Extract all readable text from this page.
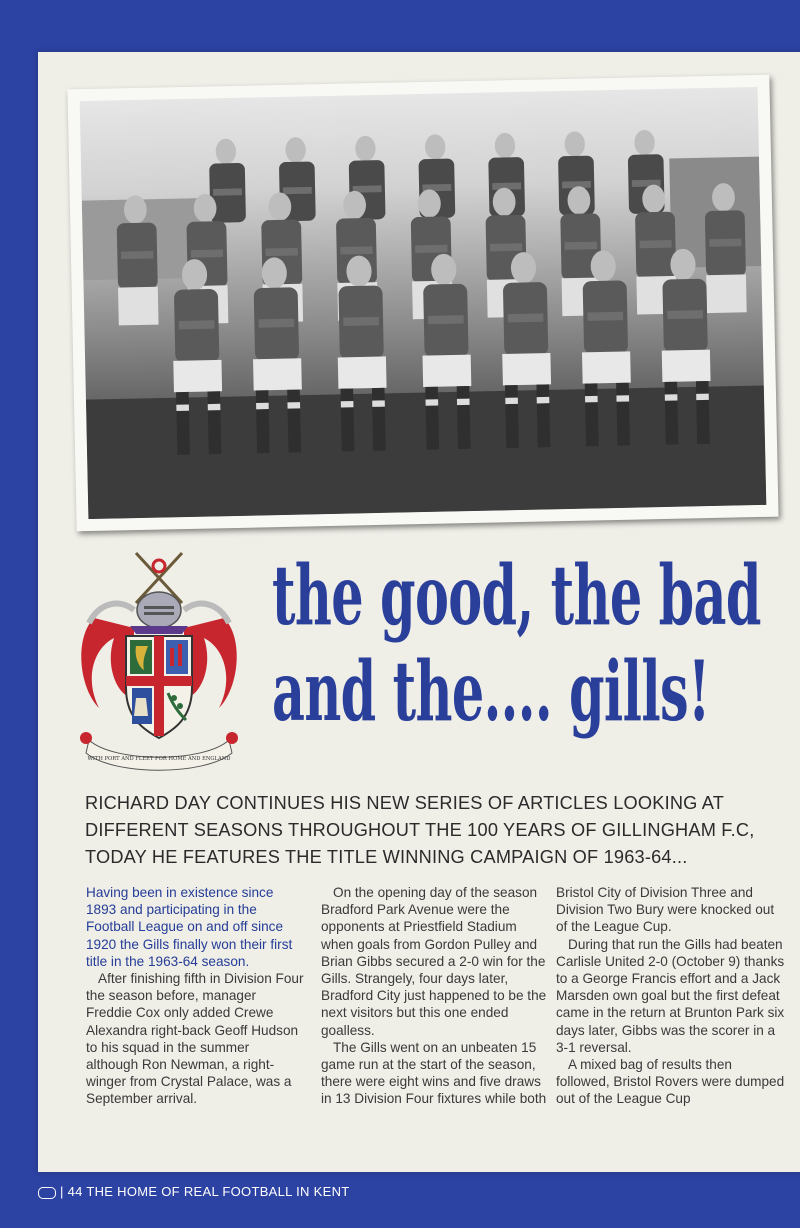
WITH PORT AND FLEET FOR HOME AND ENGLAND
the good, the bad
and the.... gills!
RICHARD DAY CONTINUES HIS NEW SERIES OF ARTICLES LOOKING AT DIFFERENT SEASONS THROUGHOUT THE 100 YEARS OF GILLINGHAM F.C, TODAY HE FEATURES THE TITLE WINNING CAMPAIGN OF 1963-64...

Having been in existence since 1893 and participating in the Football League on and off since 1920 the Gills finally won their first title in the 1963-64 season.

After finishing fifth in Division Four the season before, manager Freddie Cox only added Crewe Alexandra right-back Geoff Hudson to his squad in the summer although Ron Newman, a right-winger from Crystal Palace, was a September arrival.

On the opening day of the season Bradford Park Avenue were the opponents at Priestfield Stadium when goals from Gordon Pulley and Brian Gibbs secured a 2-0 win for the Gills. Strangely, four days later, Bradford City just happened to be the next visitors but this one ended goalless.

The Gills went on an unbeaten 15 game run at the start of the season, there were eight wins and five draws in 13 Division Four fixtures while both

Bristol City of Division Three and Division Two Bury were knocked out of the League Cup.

During that run the Gills had beaten Carlisle United 2-0 (October 9) thanks to a George Francis effort and a Jack Marsden own goal but the first defeat came in the return at Brunton Park six days later, Gibbs was the scorer in a 3-1 reversal.

A mixed bag of results then followed, Bristol Rovers were dumped out of the League Cup

| 44 THE HOME OF REAL FOOTBALL IN KENT
